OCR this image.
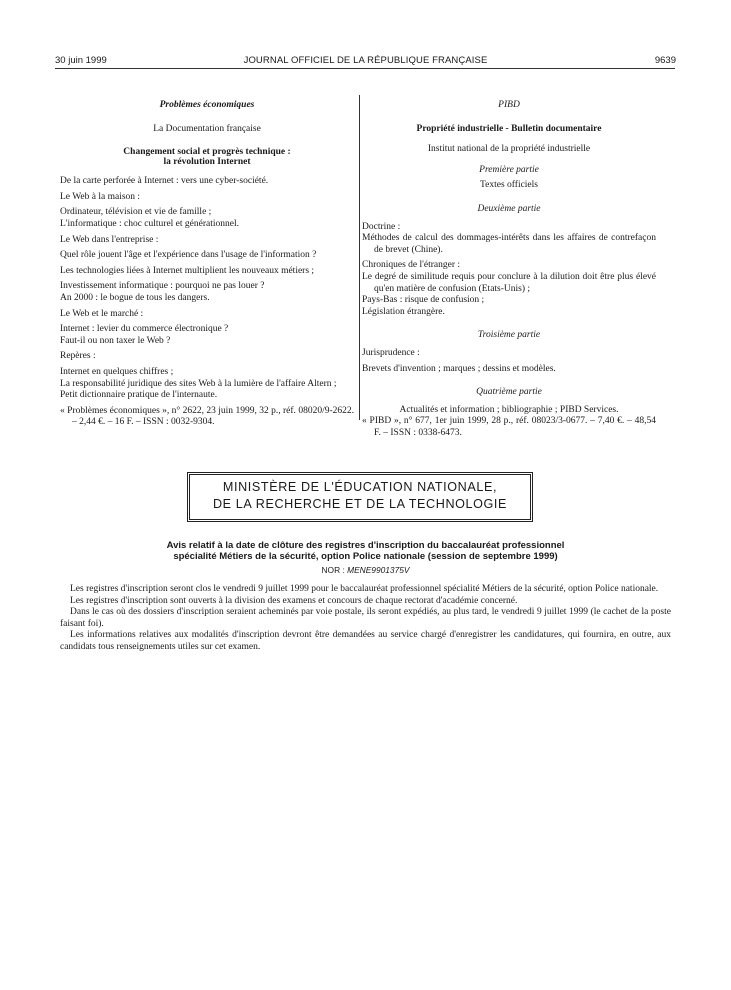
30 juin 1999	JOURNAL OFFICIEL DE LA RÉPUBLIQUE FRANÇAISE	9639

Problèmes économiques

La Documentation française

Changement social et progrès technique :

la révolution Internet

De la carte perforée à Internet : vers une cyber-société.

Le Web à la maison :

Ordinateur, télévision et vie de famille ;

L'informatique : choc culturel et générationnel.

Le Web dans l'entreprise :

Quel rôle jouent l'âge et l'expérience dans l'usage de l'information ?

Les technologies liées à Internet multiplient les nouveaux métiers ;

Investissement informatique : pourquoi ne pas louer ?

An 2000 : le bogue de tous les dangers.

Le Web et le marché :

Internet : levier du commerce électronique ?

Faut-il ou non taxer le Web ?

Repères :

Internet en quelques chiffres ;

La responsabilité juridique des sites Web à la lumière de l'affaire Altern ;

Petit dictionnaire pratique de l'internaute.

« Problèmes économiques », n° 2622, 23 juin 1999, 32 p., réf. 08020/9-2622. – 2,44 €. – 16 F. – ISSN : 0032-9304.

PIBD

Propriété industrielle - Bulletin documentaire

Institut national de la propriété industrielle

Première partie

Textes officiels

Deuxième partie

Doctrine :

Méthodes de calcul des dommages-intérêts dans les affaires de contrefaçon de brevet (Chine).

Chroniques de l'étranger :

Le degré de similitude requis pour conclure à la dilution doit être plus élevé qu'en matière de confusion (Etats-Unis) ;

Pays-Bas : risque de confusion ;

Législation étrangère.

Troisième partie

Jurisprudence :

Brevets d'invention ; marques ; dessins et modèles.

Quatrième partie

Actualités et information ; bibliographie ; PIBD Services.

« PIBD », n° 677, 1er juin 1999, 28 p., réf. 08023/3-0677. – 7,40 €. – 48,54 F. – ISSN : 0338-6473.

MINISTÈRE DE L'ÉDUCATION NATIONALE,
DE LA RECHERCHE ET DE LA TECHNOLOGIE
Avis relatif à la date de clôture des registres d'inscription du baccalauréat professionnel
spécialité Métiers de la sécurité, option Police nationale (session de septembre 1999)
NOR : MENE9901375V

Les registres d'inscription seront clos le vendredi 9 juillet 1999 pour le baccalauréat professionnel spécialité Métiers de la sécurité, option Police nationale.

Les registres d'inscription sont ouverts à la division des examens et concours de chaque rectorat d'académie concerné.

Dans le cas où des dossiers d'inscription seraient acheminés par voie postale, ils seront expédiés, au plus tard, le vendredi 9 juillet 1999 (le cachet de la poste faisant foi).

Les informations relatives aux modalités d'inscription devront être demandées au service chargé d'enregistrer les candidatures, qui fournira, en outre, aux candidats tous renseignements utiles sur cet examen.
